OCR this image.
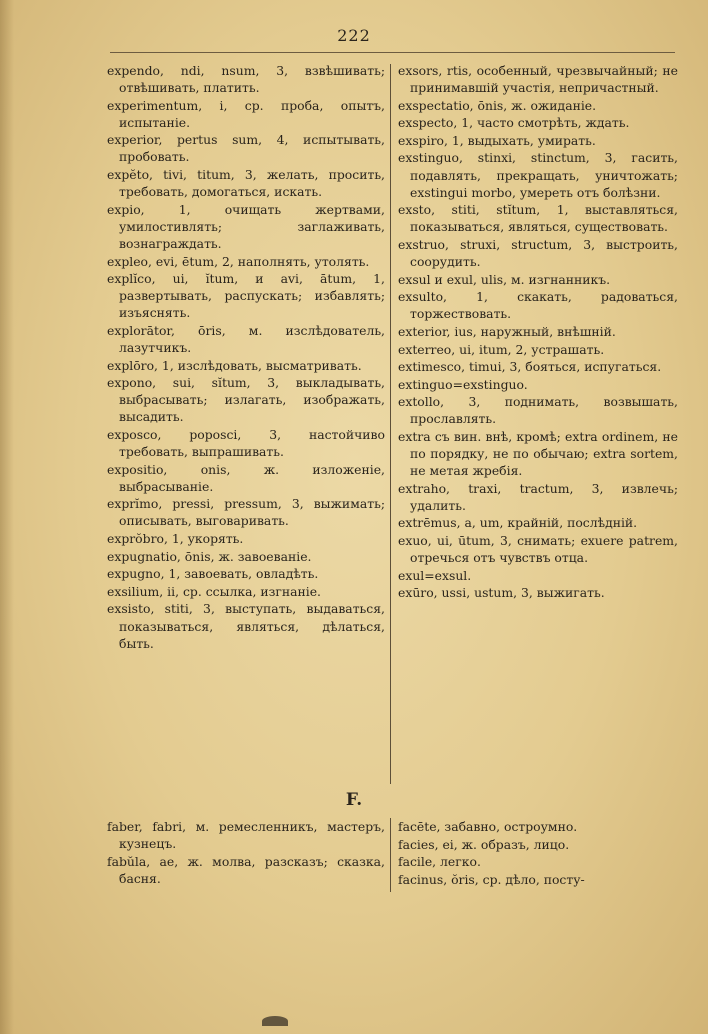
222

expendo, ndi, nsum, 3, взвѣшивать; отвѣшивать, платить.

experimentum, i, ср. проба, опытъ, испытаніе.

experior, pertus sum, 4, испытывать, пробовать.

expĕto, tivi, titum, 3, желать, просить, требовать, домогаться, искать.

expio, 1, очищать жертвами, умилостивлять; заглаживать, вознаграждать.

expleo, evi, ētum, 2, наполнять, утолять.

explĭco, ui, ĭtum, и avi, ātum, 1, развертывать, распускать; избавлять; изъяснять.

explorātor, ōris, м. изслѣдователь, лазутчикъ.

explōro, 1, изслѣдовать, высматривать.

expono, sui, sĭtum, 3, выкладывать, выбрасывать; излагать, изображать, высадить.

exposco, poposci, 3, настойчиво требовать, выпрашивать.

expositio, onis, ж. изложеніе, выбрасываніе.

exprĭmo, pressi, pressum, 3, выжимать; описывать, выговаривать.

exprŏbro, 1, укорять.

expugnatio, ōnis, ж. завоеваніе.

expugno, 1, завоевать, овладѣть.

exsilium, ii, ср. ссылка, изгнаніе.

exsisto, stiti, 3, выступать, выдаваться, показываться, являться, дѣлаться, быть.

exsors, rtis, особенный, чрезвычайный; не принимавшій участія, непричастный.

exspectatio, ōnis, ж. ожиданіе.

exspecto, 1, часто смотрѣть, ждать.

exspiro, 1, выдыхать, умирать.

exstinguo, stinxi, stinctum, 3, гасить, подавлять, прекращать, уничтожать; exstingui morbo, умереть отъ болѣзни.

exsto, stiti, stĭtum, 1, выставляться, показываться, являться, существовать.

exstruo, struxi, structum, 3, выстроить, соорудить.

exsul и exul, ulis, м. изгнанникъ.

exsulto, 1, скакать, радоваться, торжествовать.

exterior, ius, наружный, внѣшній.

exterreo, ui, itum, 2, устрашать.

extimesco, timui, 3, бояться, испугаться.

extinguo=exstinguo.

extollo, 3, поднимать, возвышать, прославлять.

extra съ вин. внѣ, кромѣ; extra ordinem, не по порядку, не по обычаю; extra sortem, не метая жребія.

extraho, traxi, tractum, 3, извлечь; удалить.

extrēmus, a, um, крайній, послѣдній.

exuo, ui, ūtum, 3, снимать; exuere patrem, отречься отъ чувствъ отца.

exul=exsul.

exūro, ussi, ustum, 3, выжигать.

F.

faber, fabri, м. ремесленникъ, мастеръ, кузнецъ.

fabŭla, ae, ж. молва, разсказъ; сказка, басня.

facēte, забавно, остроумно.

facies, ei, ж. образъ, лицо.

facile, легко.

facinus, ŏris, ср. дѣло, посту-
